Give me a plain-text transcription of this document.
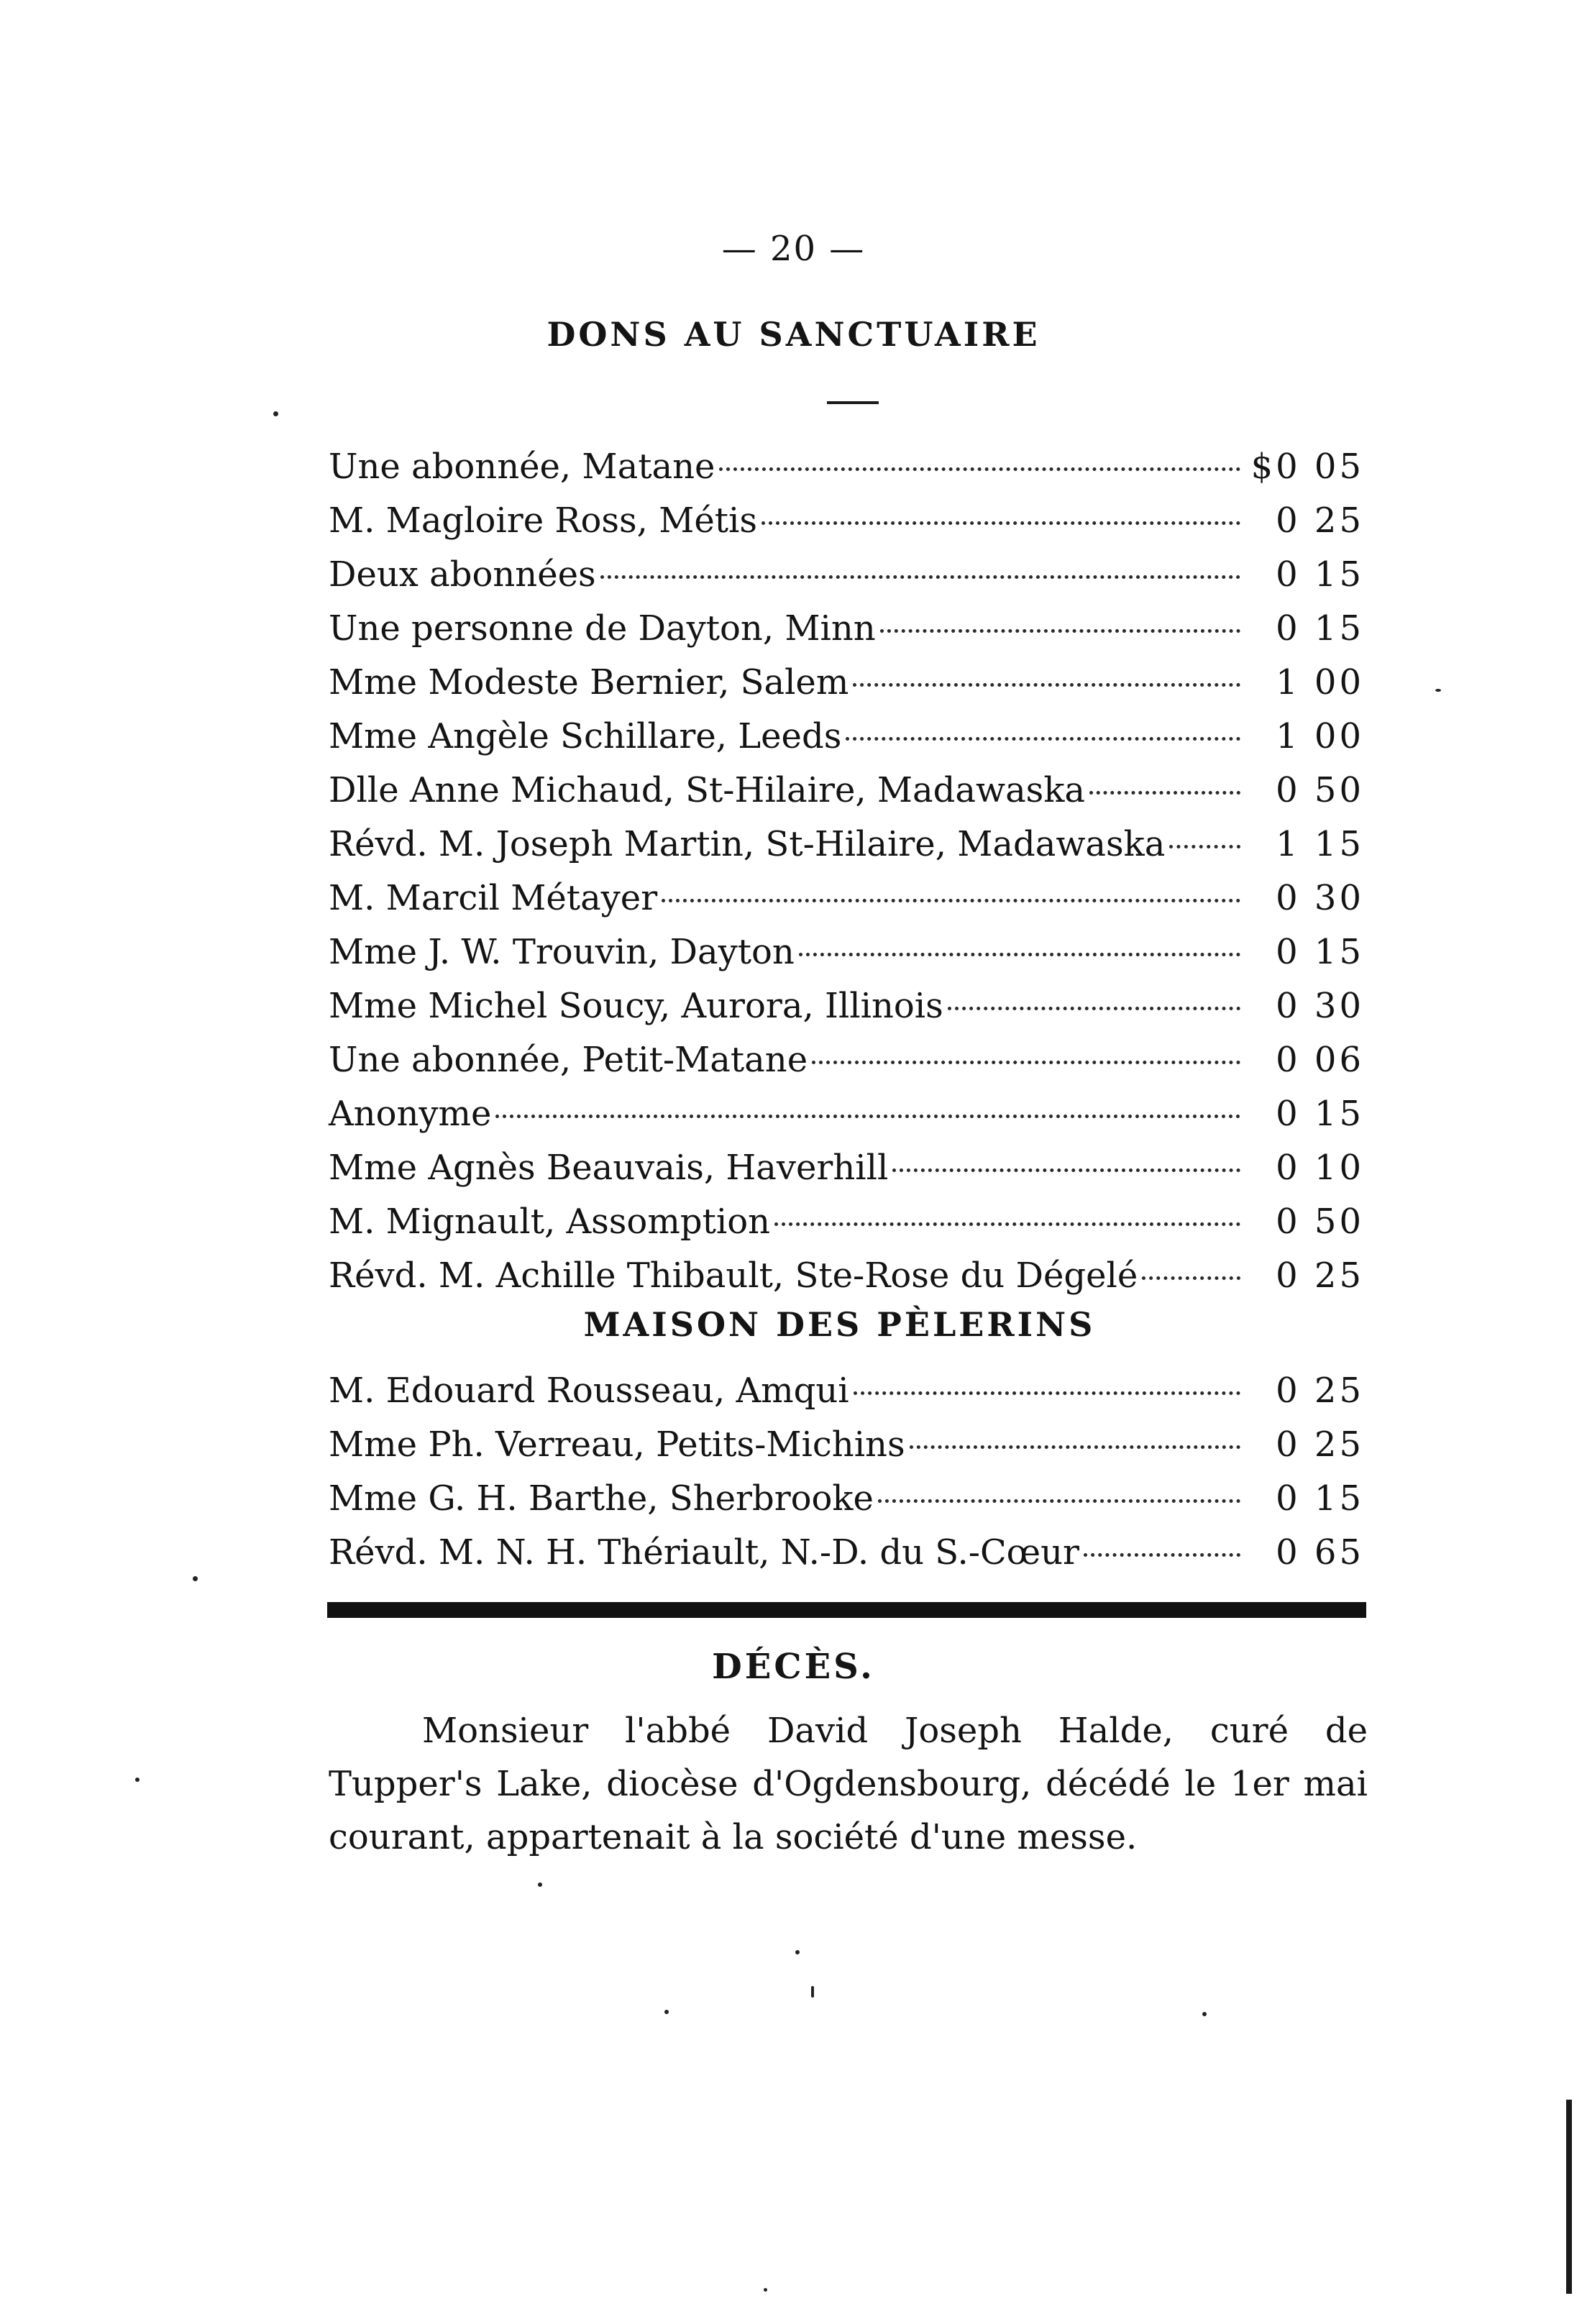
— 20 —
DONS AU SANCTUAIRE
Une abonnée, Matane	$0 05
M. Magloire Ross, Métis	0 25
Deux abonnées	0 15
Une personne de Dayton, Minn	0 15
Mme Modeste Bernier, Salem	1 00
Mme Angèle Schillare, Leeds	1 00
Dlle Anne Michaud, St-Hilaire, Madawaska	0 50
Révd. M. Joseph Martin, St-Hilaire, Madawaska	1 15
M. Marcil Métayer	0 30
Mme J. W. Trouvin, Dayton	0 15
Mme Michel Soucy, Aurora, Illinois	0 30
Une abonnée, Petit-Matane	0 06
Anonyme	0 15
Mme Agnès Beauvais, Haverhill	0 10
M. Mignault, Assomption	0 50
Révd. M. Achille Thibault, Ste-Rose du Dégelé	0 25
MAISON DES PÈLERINS
M. Edouard Rousseau, Amqui	0 25
Mme Ph. Verreau, Petits-Michins	0 25
Mme G. H. Barthe, Sherbrooke	0 15
Révd. M. N. H. Thériault, N.-D. du S.-Cœur	0 65
DÉCÈS.
Monsieur l'abbé David Joseph Halde, curé de Tupper's Lake, diocèse d'Ogdensbourg, décédé le 1er mai courant, appartenait à la société d'une messe.
